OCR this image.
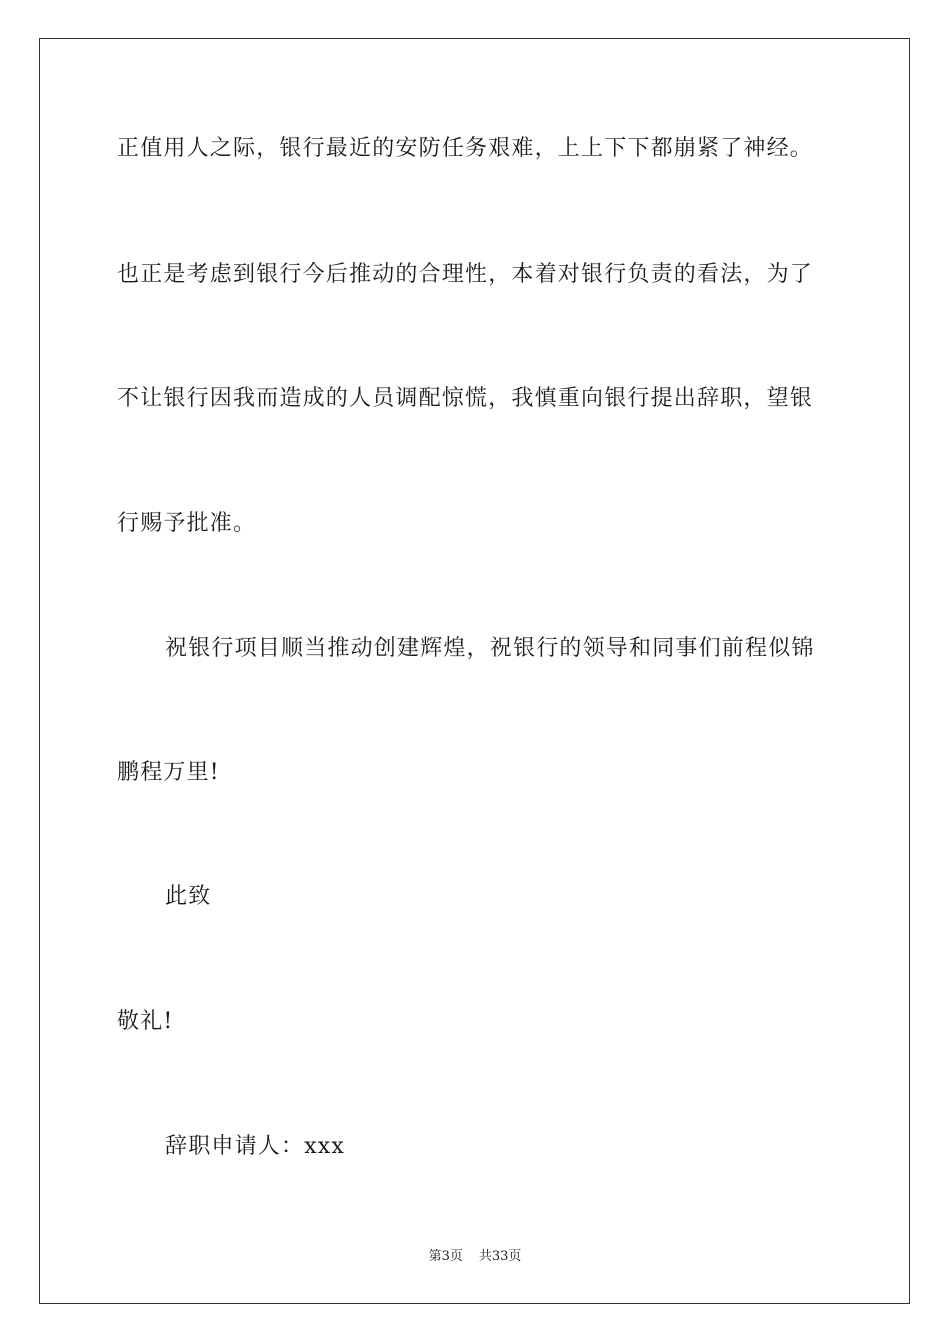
正值用人之际，银行最近的安防任务艰难，上上下下都崩紧了神经。
也正是考虑到银行今后推动的合理性，本着对银行负责的看法，为了
不让银行因我而造成的人员调配惊慌，我慎重向银行提出辞职，望银
行赐予批准。
祝银行项目顺当推动创建辉煌，祝银行的领导和同事们前程似锦
鹏程万里!
此致
敬礼!
辞职申请人：xxx
第3页 共33页
